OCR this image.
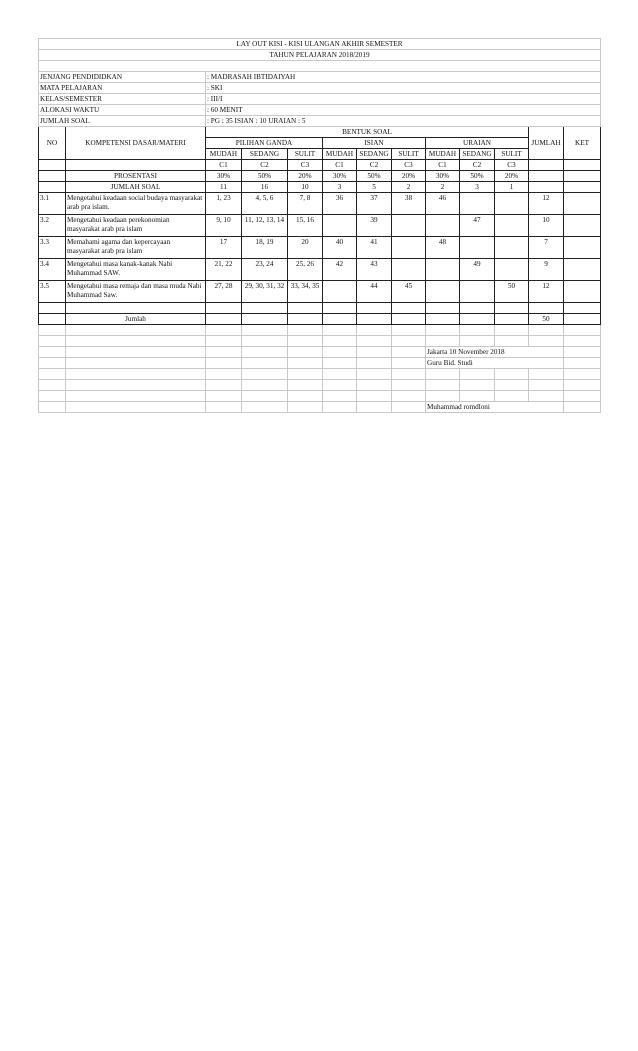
LAY OUT KISI - KISI ULANGAN AKHIR SEMESTER												
TAHUN PELAJARAN 2018/2019												

JENJANG PENDIDIDKAN		: MADRASAH IBTIDAIYAH										
MATA PELAJARAN		: SKI										
KELAS/SEMESTER		: III/I										
ALOKASI WAKTU		: 60 MENIT										
JUMLAH SOAL		: PG : 35 ISIAN : 10 URAIAN : 5										
NO	KOMPETENSI DASAR/MATERI	BENTUK SOAL									JUMLAH	KET
		PILIHAN GANDA			ISIAN			URAIAN				
		MUDAH	SEDANG	SULIT	MUDAH	SEDANG	SULIT	MUDAH	SEDANG	SULIT		
		C1	C2	C3	C1	C2	C3	C1	C2	C3		
	PROSENTASI	30%	50%	20%	30%	50%	20%	30%	50%	20%		
	JUMLAH SOAL	11	16	10	3	5	2	2	3	1		
3.1	Mengetahui keadaan social budaya masyarakat arab pra islam.	1, 23	4, 5, 6	7, 8	36	37	38	46			12	
3.2	Mengetahui keadaan perekonomian masyarakat arab pra islam	9, 10	11, 12, 13, 14	15, 16		39			47		10	
3.3	Memahami agama dan kepercayaan masyarakat arab pra islam	17	18, 19	20	40	41		48			7	
3.4	Mengetahui masa kanak-kanak Nabi Muhammad SAW.	21, 22	23, 24	25, 26	42	43			49		9	
3.5	Mengetahui masa remaja dan masa muda Nabi Muhammad Saw.	27, 28	29, 30, 31, 32	33, 34, 35		44	45			50	12	

	Jumlah										50	

								Jakarta 10 November 2018				
								Guru Bid. Studi				

								Muhammad romdloni				
